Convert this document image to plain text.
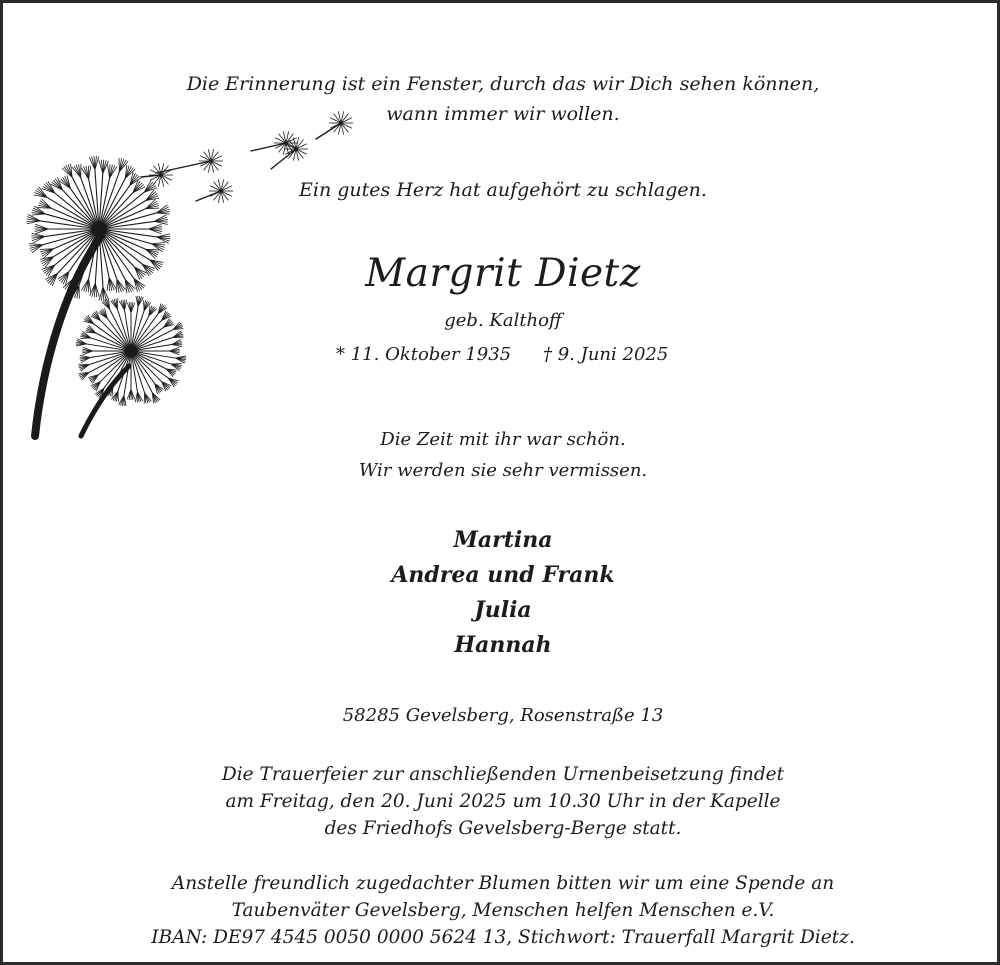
Die Erinnerung ist ein Fenster, durch das wir Dich sehen können,
wann immer wir wollen.
Ein gutes Herz hat aufgehört zu schlagen.
Margrit Dietz
geb. Kalthoff
* 11. Oktober 1935 † 9. Juni 2025
Die Zeit mit ihr war schön.
Wir werden sie sehr vermissen.
Martina
Andrea und Frank
Julia
Hannah
58285 Gevelsberg, Rosenstraße 13
Die Trauerfeier zur anschließenden Urnenbeisetzung findet
am Freitag, den 20. Juni 2025 um 10.30 Uhr in der Kapelle
des Friedhofs Gevelsberg-Berge statt.
Anstelle freundlich zugedachter Blumen bitten wir um eine Spende an
Taubenväter Gevelsberg, Menschen helfen Menschen e.V.
IBAN: DE97 4545 0050 0000 5624 13, Stichwort: Trauerfall Margrit Dietz.
